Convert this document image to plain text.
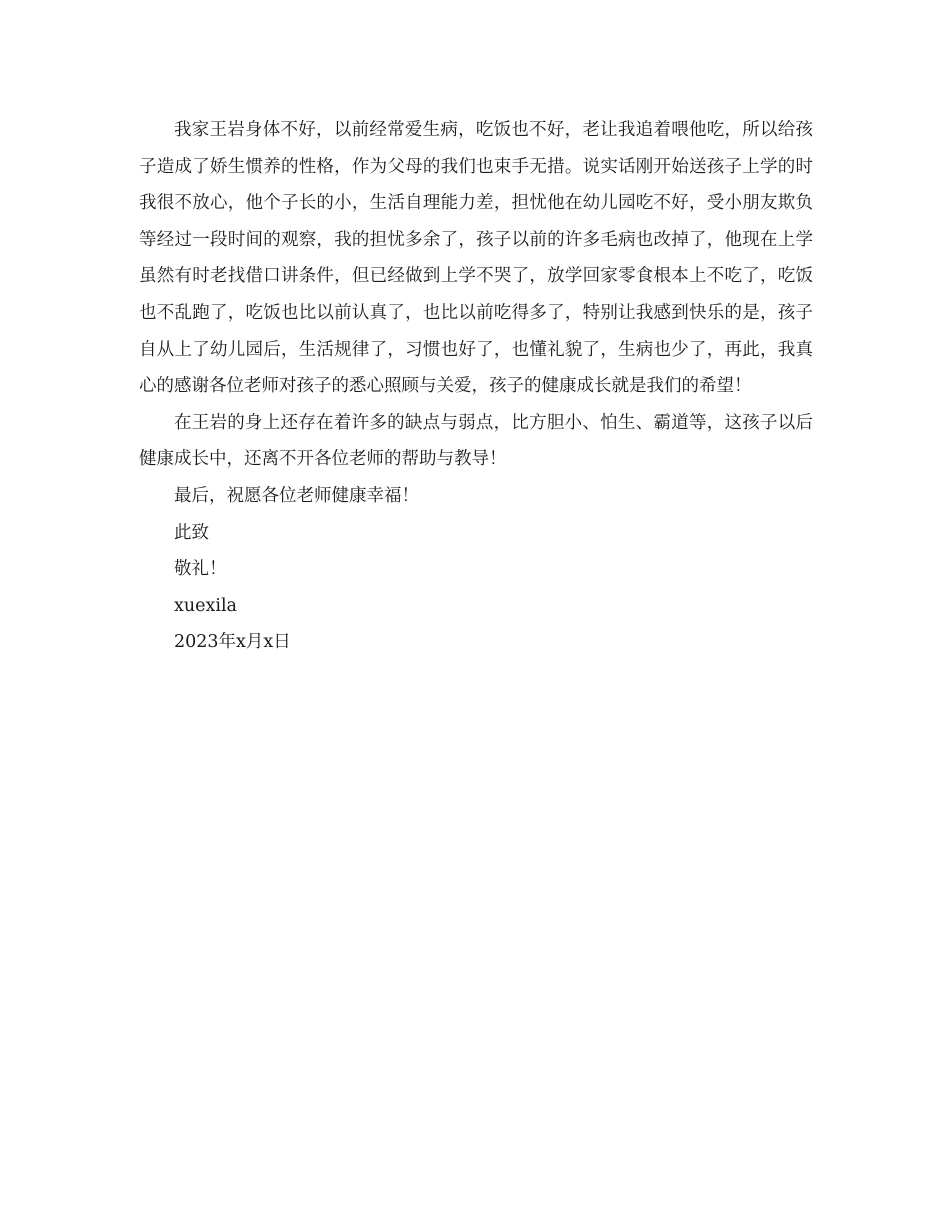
我家王岩身体不好，以前经常爱生病，吃饭也不好，老让我追着喂他吃，所以给孩子造成了娇生惯养的性格，作为父母的我们也束手无措。说实话刚开始送孩子上学的时我很不放心，他个子长的小，生活自理能力差，担忧他在幼儿园吃不好，受小朋友欺负等经过一段时间的观察，我的担忧多余了，孩子以前的许多毛病也改掉了，他现在上学虽然有时老找借口讲条件，但已经做到上学不哭了，放学回家零食根本上不吃了，吃饭也不乱跑了，吃饭也比以前认真了，也比以前吃得多了，特别让我感到快乐的是，孩子自从上了幼儿园后，生活规律了，习惯也好了，也懂礼貌了，生病也少了，再此，我真心的感谢各位老师对孩子的悉心照顾与关爱，孩子的健康成长就是我们的希望！

在王岩的身上还存在着许多的缺点与弱点，比方胆小、怕生、霸道等，这孩子以后健康成长中，还离不开各位老师的帮助与教导！

最后，祝愿各位老师健康幸福！

此致

敬礼！

xuexila

2023年x月x日
